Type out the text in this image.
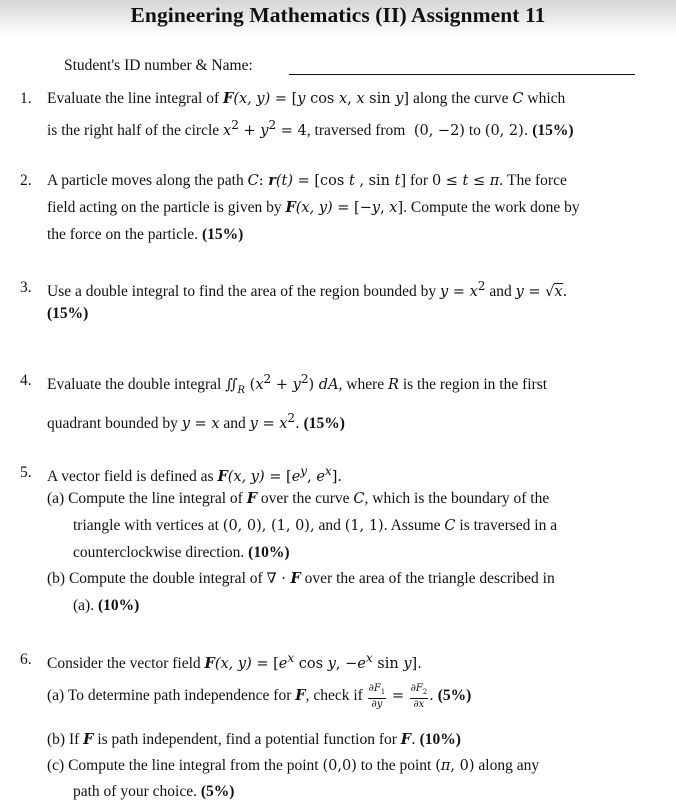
Engineering Mathematics (II) Assignment 11
Student's ID number & Name:
1. Evaluate the line integral of F(x, y) = [y cos x, x sin y] along the curve C which
is the right half of the circle $x^2 + y^2 = 4$, traversed from  (0, −2) to (0, 2). (15%)
2. A particle moves along the path C: r(t) = [cos t , sin t] for 0 ≤ t ≤ π. The force
field acting on the particle is given by F(x, y) = [−y, x]. Compute the work done by
the force on the particle. (15%)
3. Use a double integral to find the area of the region bounded by $y = x^2$ and y = √x.
(15%)
4. Evaluate the double integral $∬_R$ $(x^2 + y^2)$ dA, where R is the region in the first
quadrant bounded by y = x and $y = x^2$. (15%)
5. A vector field is defined as F(x, $y) = [e^y$, $e^x$].
(a) Compute the line integral of F over the curve C, which is the boundary of the
triangle with vertices at (0, 0), (1, 0), and (1, 1). Assume C is traversed in a
counterclockwise direction. (10%)
(b) Compute the double integral of ∇ · F over the area of the triangle described in
(a). (10%)
6. Consider the vector field F(x, $y) = [e^x$ cos y, $-e^x$ sin y].
(a) To determine path independence for F, check if $\frac{\partial F_1}{\partial y} = \frac{\partial F_2}{\partial x}$ . (5%)
(b) If F is path independent, find a potential function for F. (10%)
(c) Compute the line integral from the point (0,0) to the point (π, 0) along any
path of your choice. (5%)
